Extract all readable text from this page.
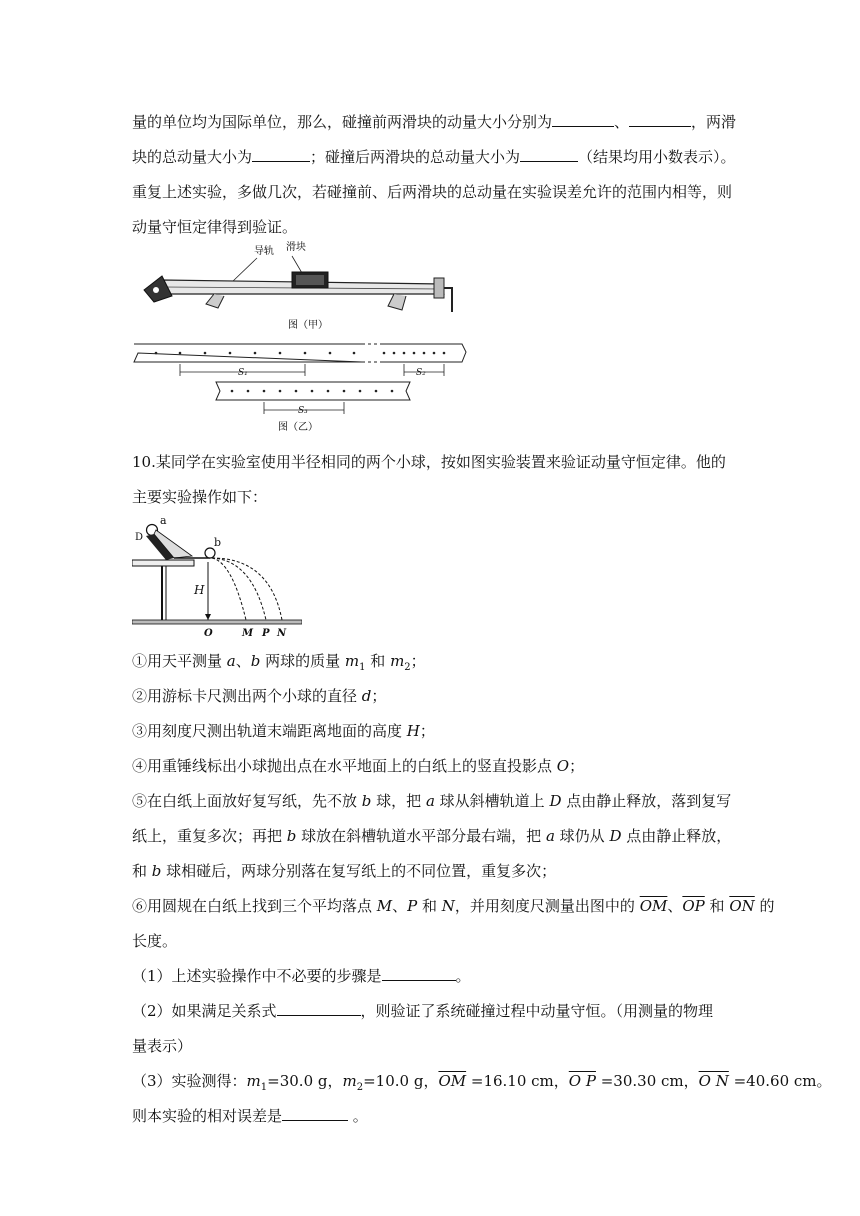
量的单位均为国际单位，那么，碰撞前两滑块的动量大小分别为	、	，两滑
块的总动量大小为	；碰撞后两滑块的总动量大小为	（结果均用小数表示）。
重复上述实验，多做几次，若碰撞前、后两滑块的总动量在实验误差允许的范围内相等，则
动量守恒定律得到验证。
导轨 滑块
图（甲）
S₁	S₂
S₃
图（乙）
10.某同学在实验室使用半径相同的两个小球，按如图实验装置来验证动量守恒定律。他的
主要实验操作如下：
a
D	b
H
O	M P N
①用天平测量 a、b 两球的质量 $m_1$ 和 $m_2$；
②用游标卡尺测出两个小球的直径 d；
③用刻度尺测出轨道末端距离地面的高度 H；
④用重锤线标出小球抛出点在水平地面上的白纸上的竖直投影点 O；
⑤在白纸上面放好复写纸，先不放 b 球，把 a 球从斜槽轨道上 D 点由静止释放，落到复写
纸上，重复多次；再把 b 球放在斜槽轨道水平部分最右端，把 a 球仍从 D 点由静止释放，
和 b 球相碰后，两球分别落在复写纸上的不同位置，重复多次；
⑥用圆规在白纸上找到三个平均落点 M、P 和 N，并用刻度尺测量出图中的 $\overline{OM}$、$\overline{OP}$ 和 $\overline{ON}$ 的
长度。
（1）上述实验操作中不必要的步骤是	。
（2）如果满足关系式	，则验证了系统碰撞过程中动量守恒。（用测量的物理
量表示）
（3）实验测得：$m_1=30.0$ g，$m_2=10.0$ g，$\overline{OM} =16.10$ cm，O P =30.30 cm，O N =40.60 cm。
则本实验的相对误差是	。
